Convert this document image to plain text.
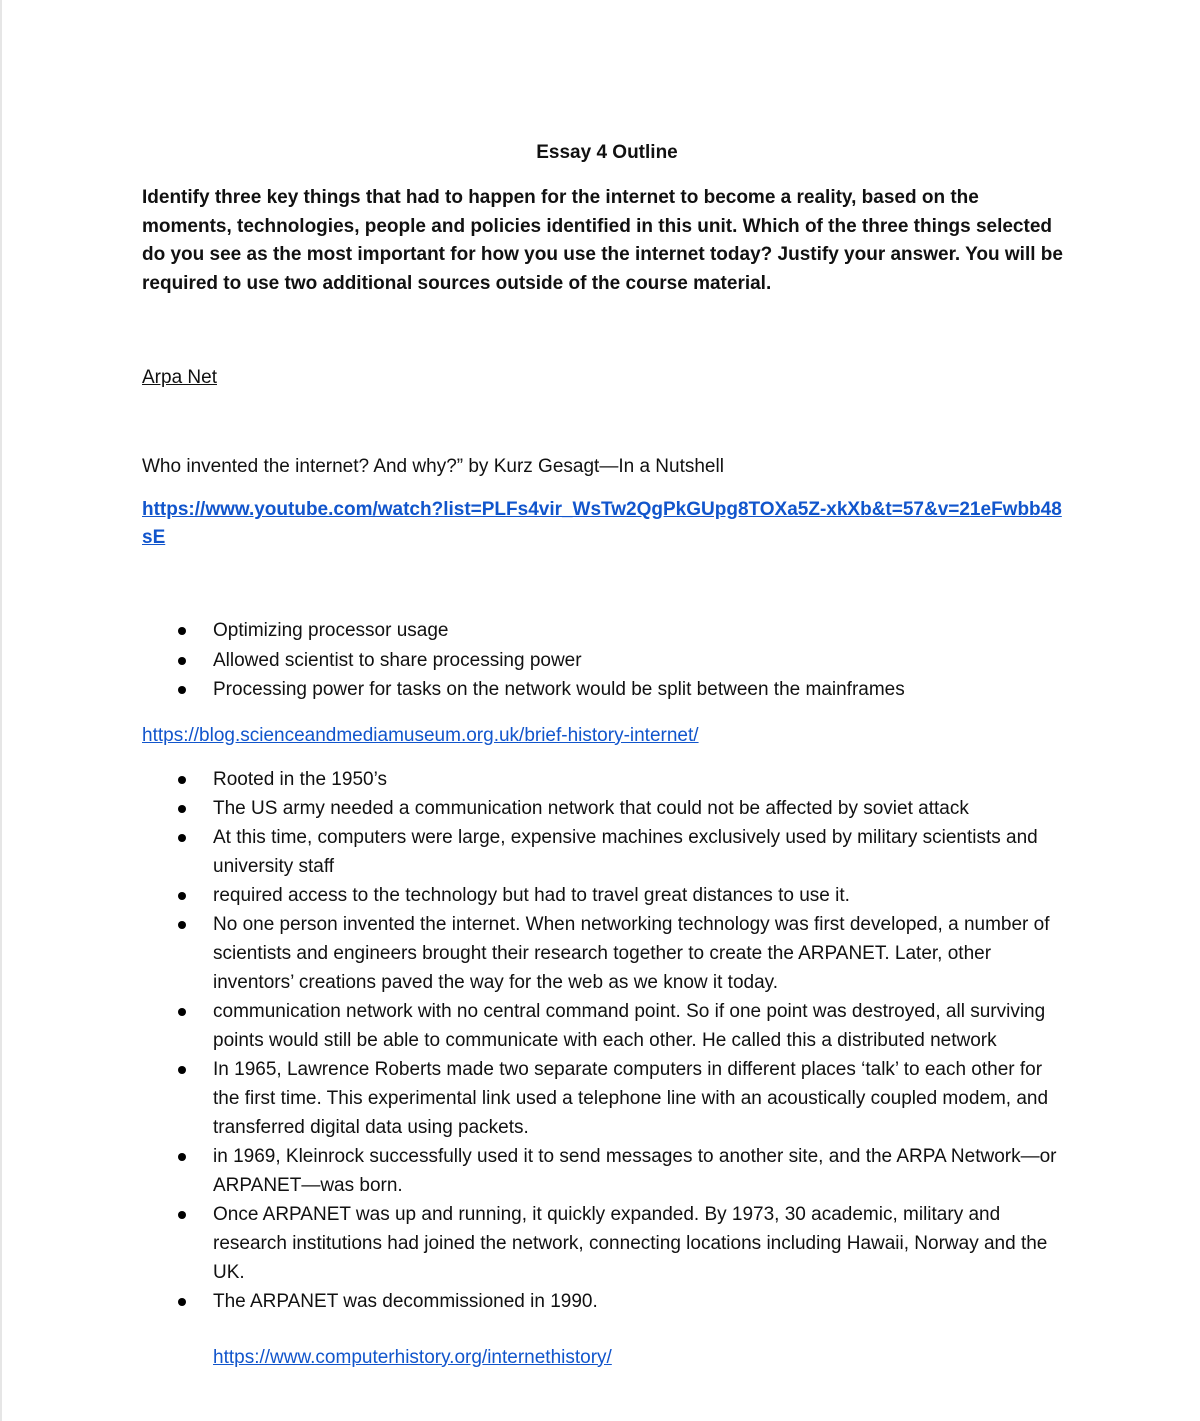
Essay 4 Outline

Identify three key things that had to happen for the internet to become a reality, based on the moments, technologies, people and policies identified in this unit. Which of the three things selected do you see as the most important for how you use the internet today? Justify your answer. You will be required to use two additional sources outside of the course material.

Arpa Net
Who invented the internet? And why?” by Kurz Gesagt—In a Nutshell
https://www.youtube.com/watch?list=PLFs4vir_WsTw2QgPkGUpg8TOXa5Z-xkXb&t=57&v=21eFwbb48sE
Optimizing processor usage
Allowed scientist to share processing power
Processing power for tasks on the network would be split between the mainframes
https://blog.scienceandmediamuseum.org.uk/brief-history-internet/
Rooted in the 1950’s
The US army needed a communication network that could not be affected by soviet attack
At this time, computers were large, expensive machines exclusively used by military scientists and university staff
required access to the technology but had to travel great distances to use it.
No one person invented the internet. When networking technology was first developed, a number of scientists and engineers brought their research together to create the ARPANET. Later, other inventors’ creations paved the way for the web as we know it today.
communication network with no central command point. So if one point was destroyed, all surviving points would still be able to communicate with each other. He called this a distributed network
In 1965, Lawrence Roberts made two separate computers in different places ‘talk’ to each other for the first time. This experimental link used a telephone line with an acoustically coupled modem, and transferred digital data using packets.
in 1969, Kleinrock successfully used it to send messages to another site, and the ARPA Network—or ARPANET—was born.
Once ARPANET was up and running, it quickly expanded. By 1973, 30 academic, military and research institutions had joined the network, connecting locations including Hawaii, Norway and the UK.
The ARPANET was decommissioned in 1990.
https://www.computerhistory.org/internethistory/
